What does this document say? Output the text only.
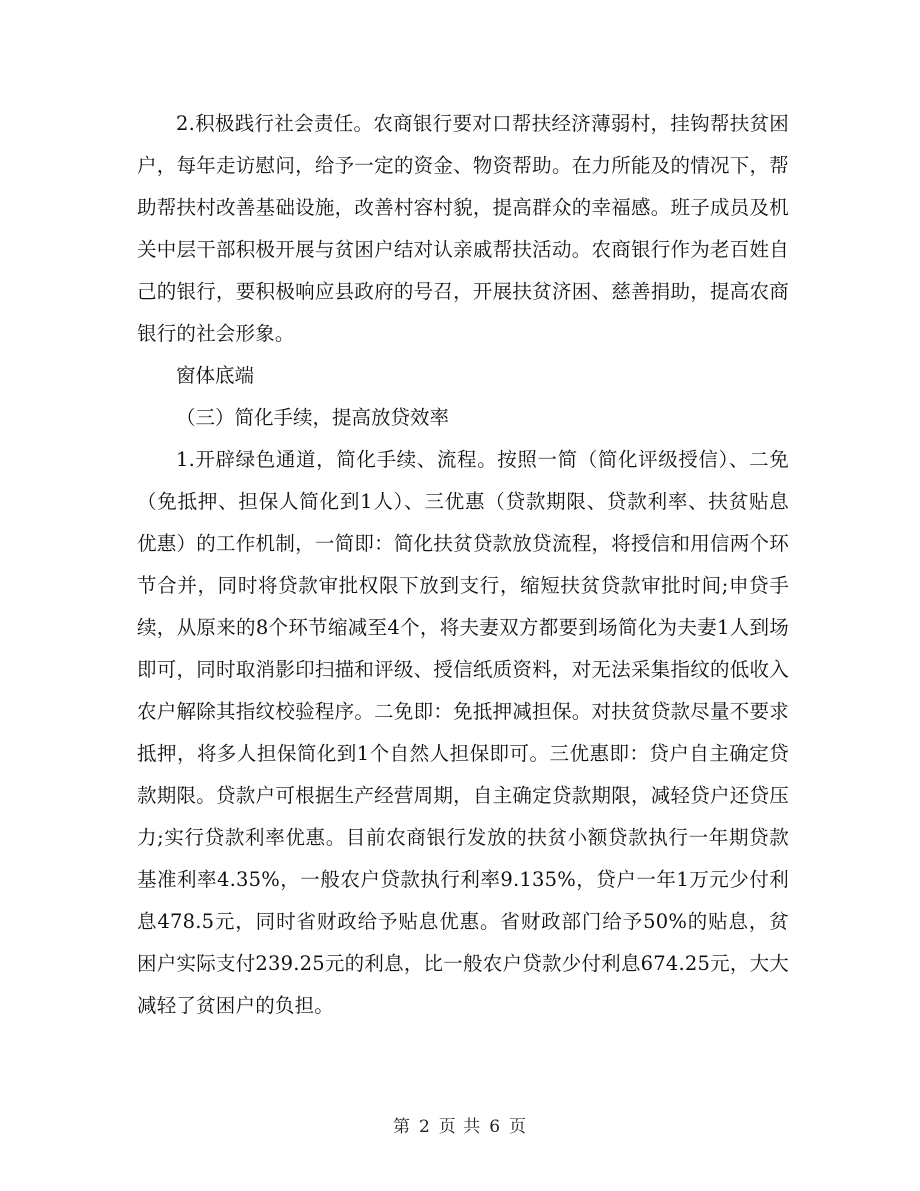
2.积极践行社会责任。农商银行要对口帮扶经济薄弱村，挂钩帮扶贫困户，每年走访慰问，给予一定的资金、物资帮助。在力所能及的情况下，帮助帮扶村改善基础设施，改善村容村貌，提高群众的幸福感。班子成员及机关中层干部积极开展与贫困户结对认亲戚帮扶活动。农商银行作为老百姓自己的银行，要积极响应县政府的号召，开展扶贫济困、慈善捐助，提高农商银行的社会形象。

窗体底端

（三）简化手续，提高放贷效率

1.开辟绿色通道，简化手续、流程。按照一简（简化评级授信）、二免（免抵押、担保人简化到1人）、三优惠（贷款期限、贷款利率、扶贫贴息优惠）的工作机制，一简即：简化扶贫贷款放贷流程，将授信和用信两个环节合并，同时将贷款审批权限下放到支行，缩短扶贫贷款审批时间;申贷手续，从原来的8个环节缩减至4个，将夫妻双方都要到场简化为夫妻1人到场即可，同时取消影印扫描和评级、授信纸质资料，对无法采集指纹的低收入农户解除其指纹校验程序。二免即：免抵押减担保。对扶贫贷款尽量不要求抵押，将多人担保简化到1个自然人担保即可。三优惠即：贷户自主确定贷款期限。贷款户可根据生产经营周期，自主确定贷款期限，减轻贷户还贷压力;实行贷款利率优惠。目前农商银行发放的扶贫小额贷款执行一年期贷款基准利率4.35%，一般农户贷款执行利率9.135%，贷户一年1万元少付利息478.5元，同时省财政给予贴息优惠。省财政部门给予50%的贴息，贫困户实际支付239.25元的利息，比一般农户贷款少付利息674.25元，大大减轻了贫困户的负担。

第 2 页 共 6 页
